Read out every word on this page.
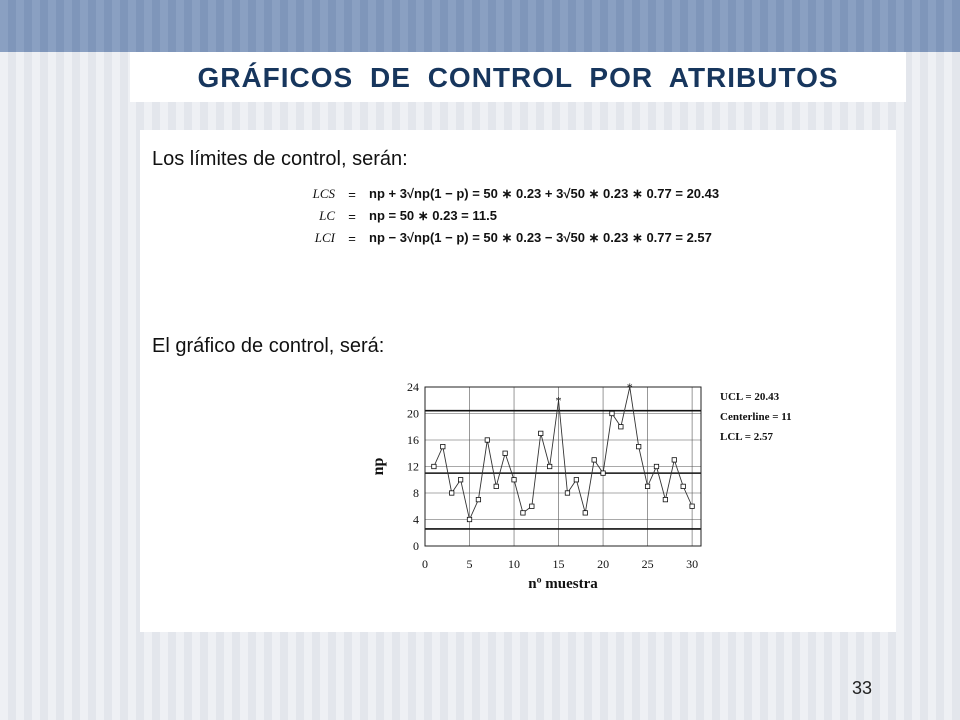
GRÁFICOS DE CONTROL POR ATRIBUTOS
Los límites de control, serán:
LCS	=	np + 3√np(1 − p) = 50 ∗ 0.23 + 3√50 ∗ 0.23 ∗ 0.77 = 20.43
LC	=	np = 50 ∗ 0.23 = 11.5
LCI	=	np − 3√np(1 − p) = 50 ∗ 0.23 − 3√50 ∗ 0.23 ∗ 0.77 = 2.57
El gráfico de control, será:
*
*
0	5	10	15	20	25	30
0
4
8
12
16
20
24
nº muestra
np
UCL = 20.43
Centerline = 11
LCL = 2.57
33
